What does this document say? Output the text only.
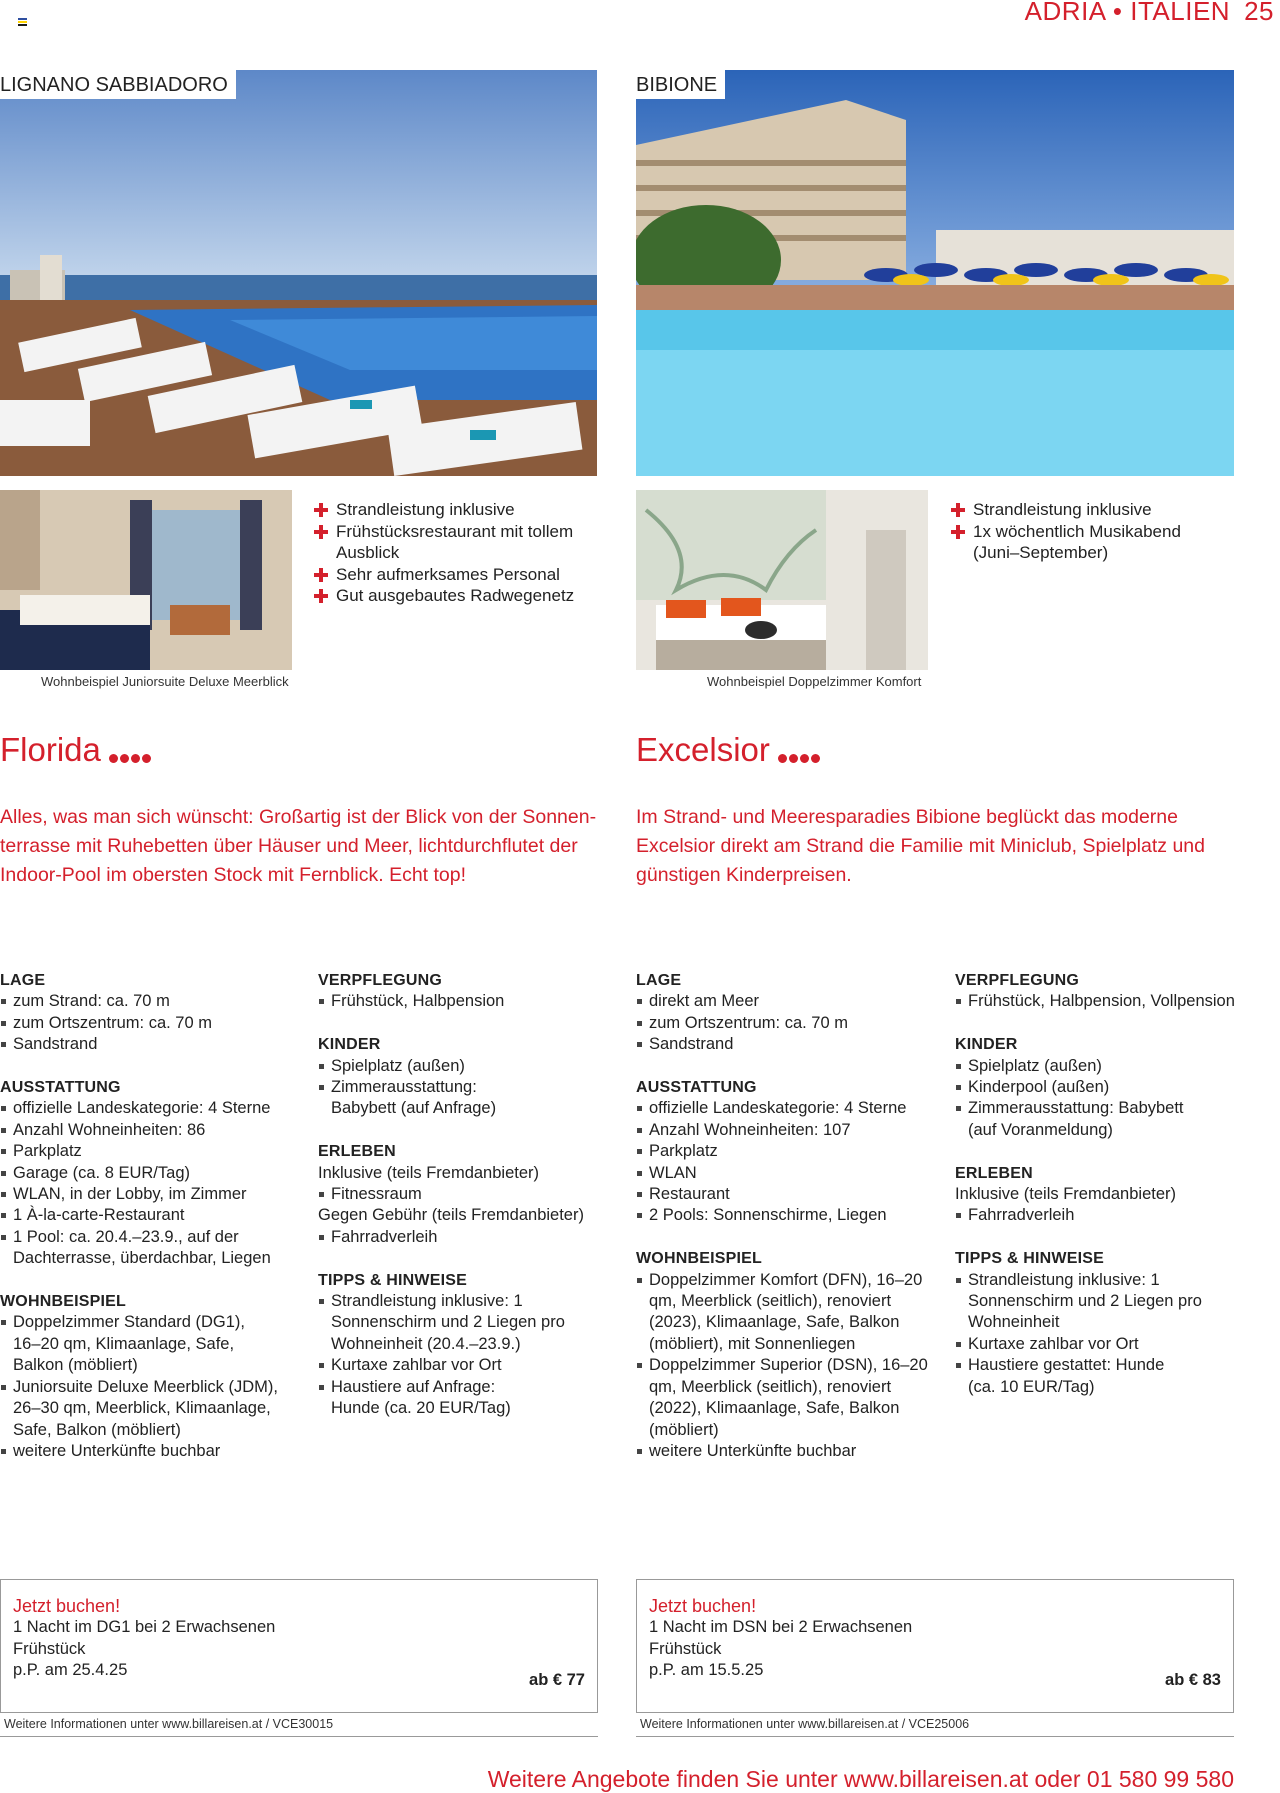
ADRIA • ITALIEN 25
LIGNANO SABBIADORO
Wohnbeispiel Juniorsuite Deluxe Meerblick
Strandleistung inklusive
Frühstücksrestaurant mit tollem Ausblick
Sehr aufmerksames Personal
Gut ausgebautes Radwegenetz
Florida
Alles, was man sich wünscht: Großartig ist der Blick von der Sonnen-terrasse mit Ruhebetten über Häuser und Meer, lichtdurchflutet der Indoor-Pool im obersten Stock mit Fernblick. Echt top!
LAGE
zum Strand: ca. 70 m
zum Ortszentrum: ca. 70 m
Sandstrand
AUSSTATTUNG
offizielle Landeskategorie: 4 Sterne
Anzahl Wohneinheiten: 86
Parkplatz
Garage (ca. 8 EUR/Tag)
WLAN, in der Lobby, im Zimmer
1 À-la-carte-Restaurant
1 Pool: ca. 20.4.–23.9., auf der Dachterrasse, überdachbar, Liegen
WOHNBEISPIEL
Doppelzimmer Standard (DG1), 16–20 qm, Klimaanlage, Safe, Balkon (möbliert)
Juniorsuite Deluxe Meerblick (JDM), 26–30 qm, Meerblick, Klimaanlage, Safe, Balkon (möbliert)
weitere Unterkünfte buchbar
VERPFLEGUNG
Frühstück, Halbpension
KINDER
Spielplatz (außen)
Zimmerausstattung: Babybett (auf Anfrage)
ERLEBEN
Inklusive (teils Fremdanbieter)
Fitnessraum
Gegen Gebühr (teils Fremdanbieter)
Fahrradverleih
TIPPS & HINWEISE
Strandleistung inklusive: 1 Sonnenschirm und 2 Liegen pro Wohneinheit (20.4.–23.9.)
Kurtaxe zahlbar vor Ort
Haustiere auf Anfrage: Hunde (ca. 20 EUR/Tag)
Jetzt buchen!
1 Nacht im DG1 bei 2 Erwachsenen
Frühstück
p.P. am 25.4.25
ab € 77
Weitere Informationen unter www.billareisen.at / VCE30015
BIBIONE
Wohnbeispiel Doppelzimmer Komfort
Strandleistung inklusive
1x wöchentlich Musikabend (Juni–September)
Excelsior
Im Strand- und Meeresparadies Bibione beglückt das moderne Excelsior direkt am Strand die Familie mit Miniclub, Spielplatz und günstigen Kinderpreisen.
LAGE
direkt am Meer
zum Ortszentrum: ca. 70 m
Sandstrand
AUSSTATTUNG
offizielle Landeskategorie: 4 Sterne
Anzahl Wohneinheiten: 107
Parkplatz
WLAN
Restaurant
2 Pools: Sonnenschirme, Liegen
WOHNBEISPIEL
Doppelzimmer Komfort (DFN), 16–20 qm, Meerblick (seitlich), renoviert (2023), Klimaanlage, Safe, Balkon (möbliert), mit Sonnenliegen
Doppelzimmer Superior (DSN), 16–20 qm, Meerblick (seitlich), renoviert (2022), Klimaanlage, Safe, Balkon (möbliert)
weitere Unterkünfte buchbar
VERPFLEGUNG
Frühstück, Halbpension, Vollpension
KINDER
Spielplatz (außen)
Kinderpool (außen)
Zimmerausstattung: Babybett (auf Voranmeldung)
ERLEBEN
Inklusive (teils Fremdanbieter)
Fahrradverleih
TIPPS & HINWEISE
Strandleistung inklusive: 1 Sonnenschirm und 2 Liegen pro Wohneinheit
Kurtaxe zahlbar vor Ort
Haustiere gestattet: Hunde (ca. 10 EUR/Tag)
Jetzt buchen!
1 Nacht im DSN bei 2 Erwachsenen
Frühstück
p.P. am 15.5.25
ab € 83
Weitere Informationen unter www.billareisen.at / VCE25006
Weitere Angebote finden Sie unter www.billareisen.at oder 01 580 99 580
